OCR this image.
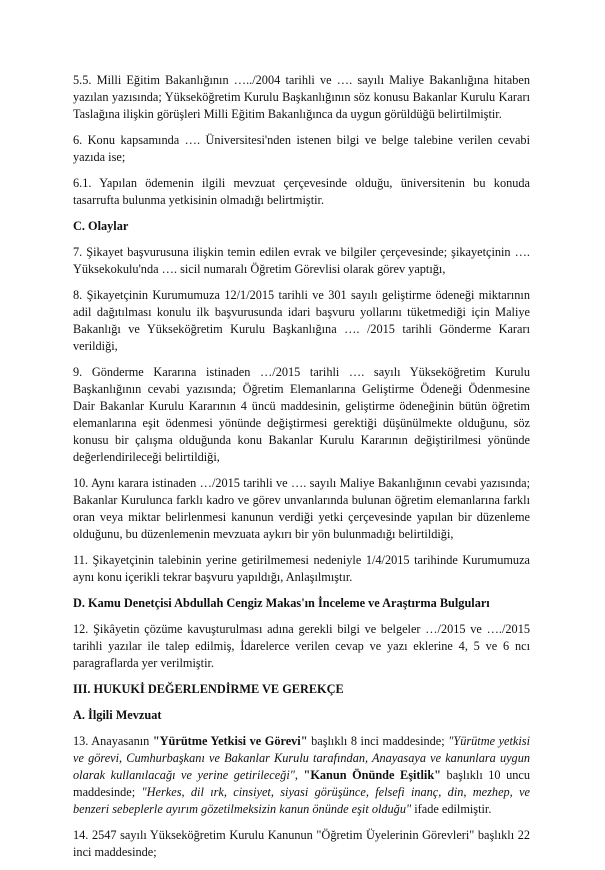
5.5. Milli Eğitim Bakanlığının …../2004 tarihli ve …. sayılı Maliye Bakanlığına hitaben yazılan yazısında; Yükseköğretim Kurulu Başkanlığının söz konusu Bakanlar Kurulu Kararı Taslağına ilişkin görüşleri Milli Eğitim Bakanlığınca da uygun görüldüğü belirtilmiştir.

6. Konu kapsamında …. Üniversitesi'nden istenen bilgi ve belge talebine verilen cevabi yazıda ise;

6.1. Yapılan ödemenin ilgili mevzuat çerçevesinde olduğu, üniversitenin bu konuda tasarrufta bulunma yetkisinin olmadığı belirtmiştir.

C. Olaylar

7. Şikayet başvurusuna ilişkin temin edilen evrak ve bilgiler çerçevesinde; şikayetçinin …. Yüksekokulu'nda …. sicil numaralı Öğretim Görevlisi olarak görev yaptığı,

8. Şikayetçinin Kurumumuza 12/1/2015 tarihli ve 301 sayılı geliştirme ödeneği miktarının adil dağıtılması konulu ilk başvurusunda idari başvuru yollarını tüketmediği için Maliye Bakanlığı ve Yükseköğretim Kurulu Başkanlığına …. /2015 tarihli Gönderme Kararı verildiği,

9. Gönderme Kararına istinaden …/2015 tarihli …. sayılı Yükseköğretim Kurulu Başkanlığının cevabi yazısında; Öğretim Elemanlarına Geliştirme Ödeneği Ödenmesine Dair Bakanlar Kurulu Kararının 4 üncü maddesinin, geliştirme ödeneğinin bütün öğretim elemanlarına eşit ödenmesi yönünde değiştirmesi gerektiği düşünülmekte olduğunu, söz konusu bir çalışma olduğunda konu Bakanlar Kurulu Kararının değiştirilmesi yönünde değerlendirileceği belirtildiği,

10. Aynı karara istinaden …/2015 tarihli ve …. sayılı Maliye Bakanlığının cevabi yazısında; Bakanlar Kurulunca farklı kadro ve görev unvanlarında bulunan öğretim elemanlarına farklı oran veya miktar belirlenmesi kanunun verdiği yetki çerçevesinde yapılan bir düzenleme olduğunu, bu düzenlemenin mevzuata aykırı bir yön bulunmadığı belirtildiği,

11. Şikayetçinin talebinin yerine getirilmemesi nedeniyle 1/4/2015 tarihinde Kurumumuza aynı konu içerikli tekrar başvuru yapıldığı, Anlaşılmıştır.

D. Kamu Denetçisi Abdullah Cengiz Makas'ın İnceleme ve Araştırma Bulguları

12. Şikâyetin çözüme kavuşturulması adına gerekli bilgi ve belgeler …/2015 ve …./2015 tarihli yazılar ile talep edilmiş, İdarelerce verilen cevap ve yazı eklerine 4, 5 ve 6 ncı paragraflarda yer verilmiştir.

III. HUKUKİ DEĞERLENDİRME VE GEREKÇE

A. İlgili Mevzuat

13. Anayasanın "Yürütme Yetkisi ve Görevi" başlıklı 8 inci maddesinde; "Yürütme yetkisi ve görevi, Cumhurbaşkanı ve Bakanlar Kurulu tarafından, Anayasaya ve kanunlara uygun olarak kullanılacağı ve yerine getirileceği", "Kanun Önünde Eşitlik" başlıklı 10 uncu maddesinde; "Herkes, dil ırk, cinsiyet, siyasi görüşünce, felsefi inanç, din, mezhep, ve benzeri sebeplerle ayırım gözetilmeksizin kanun önünde eşit olduğu" ifade edilmiştir.

14. 2547 sayılı Yükseköğretim Kurulu Kanunun "Öğretim Üyelerinin Görevleri" başlıklı 22 inci maddesinde;
